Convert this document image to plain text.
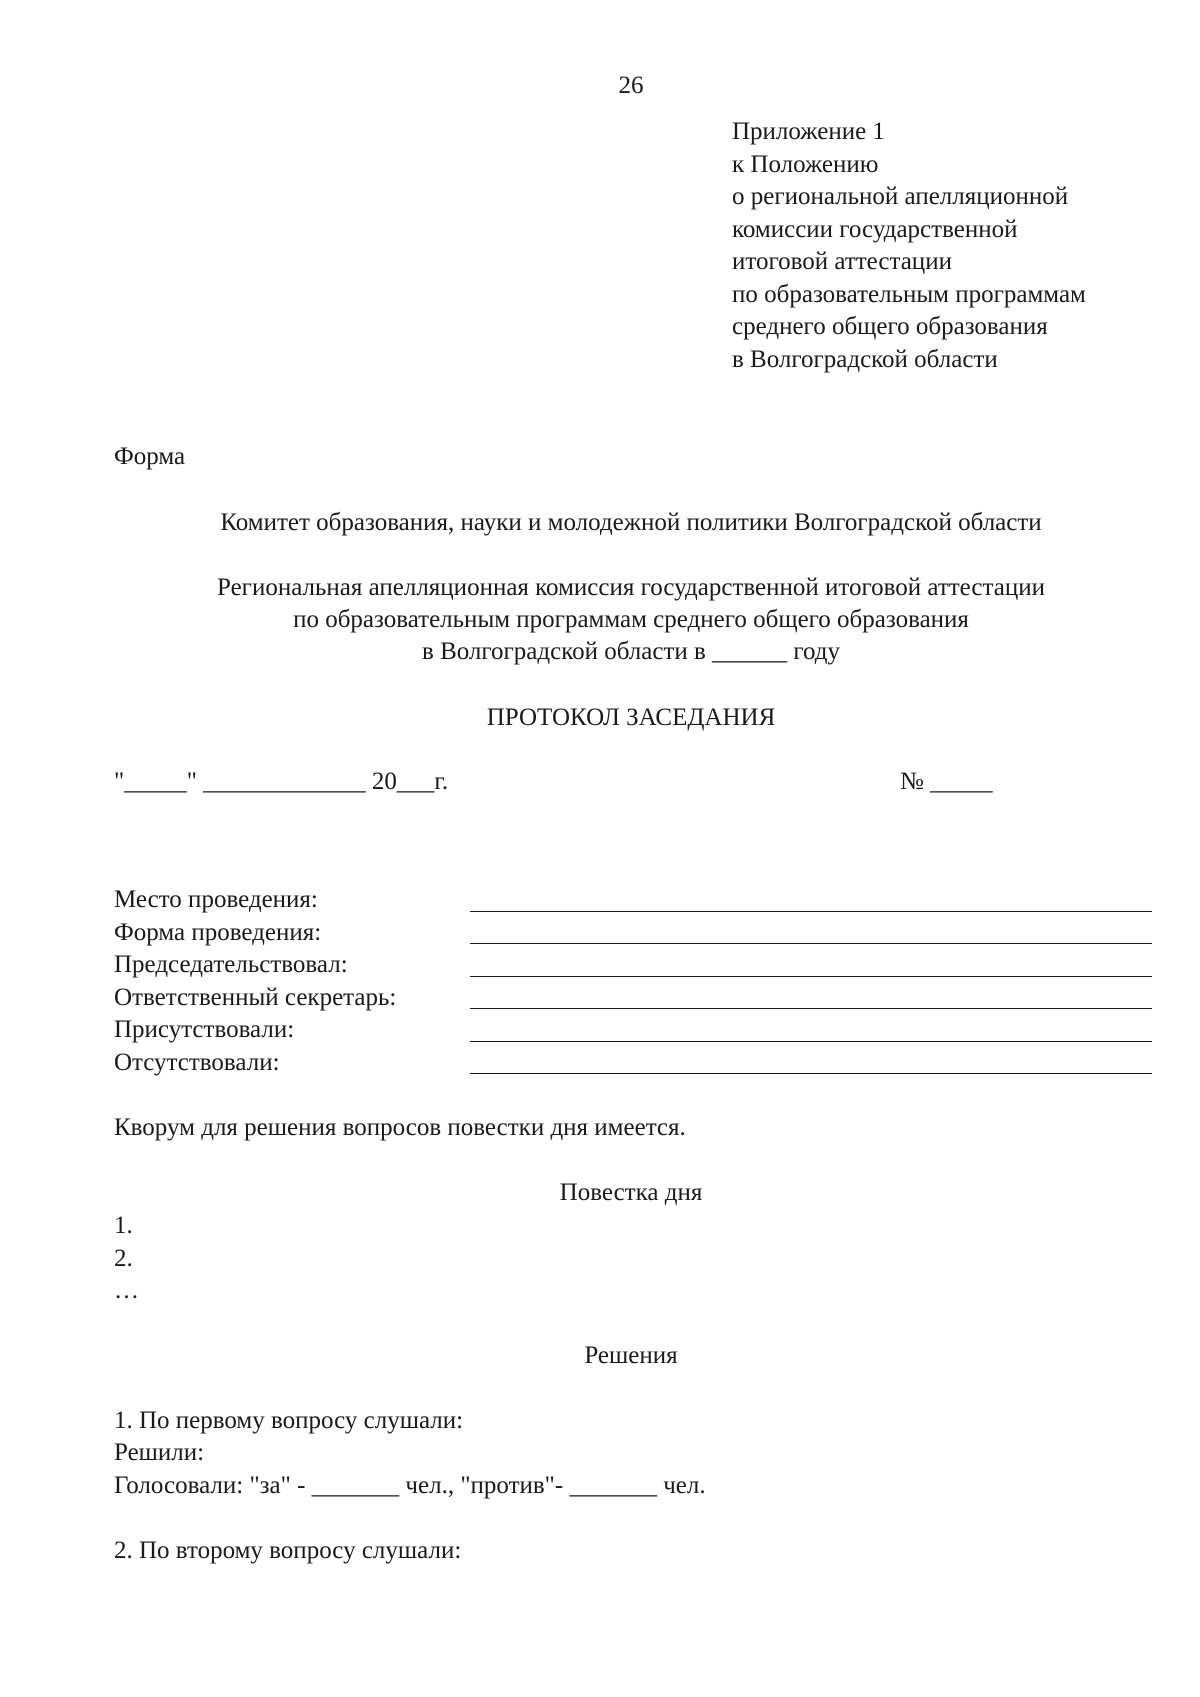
26
Приложение 1
к Положению
о региональной апелляционной
комиссии государственной
итоговой аттестации
по образовательным программам
среднего общего образования
в Волгоградской области
Форма
Комитет образования, науки и молодежной политики Волгоградской области
Региональная апелляционная комиссия государственной итоговой аттестации
по образовательным программам среднего общего образования
в Волгоградской области в ______ году
ПРОТОКОЛ ЗАСЕДАНИЯ
"_____" _____________ 20___г.	№ _____
Место проведения:
Форма проведения:
Председательствовал:
Ответственный секретарь:
Присутствовали:
Отсутствовали:
Кворум для решения вопросов повестки дня имеется.
Повестка дня
1.
2.
…
Решения
1. По первому вопросу слушали:
Решили:
Голосовали: "за" - _______ чел., "против"- _______ чел.
2. По второму вопросу слушали:
